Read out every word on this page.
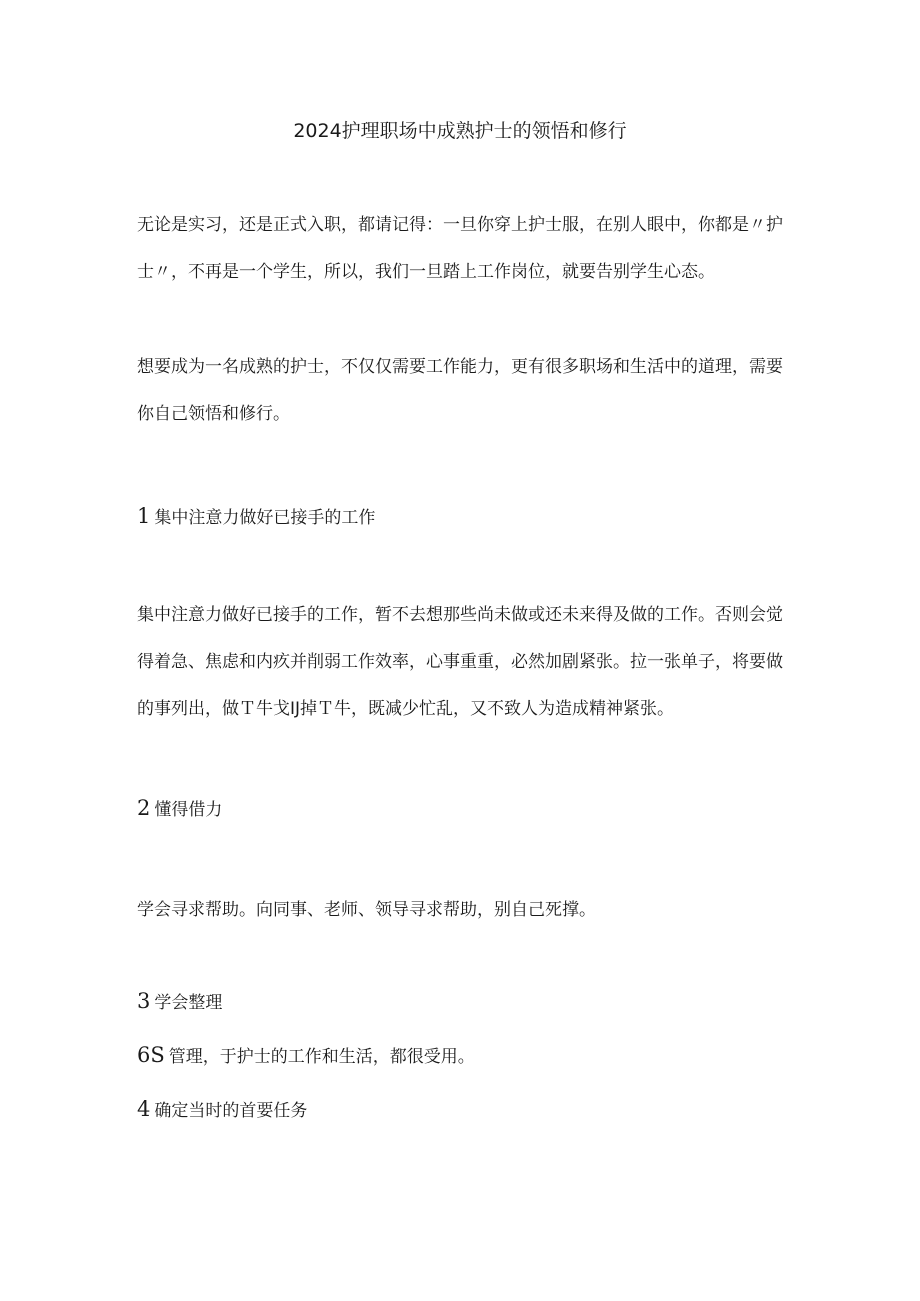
2024护理职场中成熟护士的领悟和修行

无论是实习，还是正式入职，都请记得：一旦你穿上护士服，在别人眼中，你都是〃护士〃，不再是一个学生，所以，我们一旦踏上工作岗位，就要告别学生心态。

想要成为一名成熟的护士，不仅仅需要工作能力，更有很多职场和生活中的道理，需要你自己领悟和修行。

1 集中注意力做好已接手的工作

集中注意力做好已接手的工作，暂不去想那些尚未做或还未来得及做的工作。否则会觉得着急、焦虑和内疚并削弱工作效率，心事重重，必然加剧紧张。拉一张单子，将要做的事列出，做Ｔ牛戈IJ掉Ｔ牛，既减少忙乱，又不致人为造成精神紧张。

2 懂得借力

学会寻求帮助。向同事、老师、领导寻求帮助，别自己死撑。

3 学会整理

6S 管理，于护士的工作和生活，都很受用。

4 确定当时的首要任务
